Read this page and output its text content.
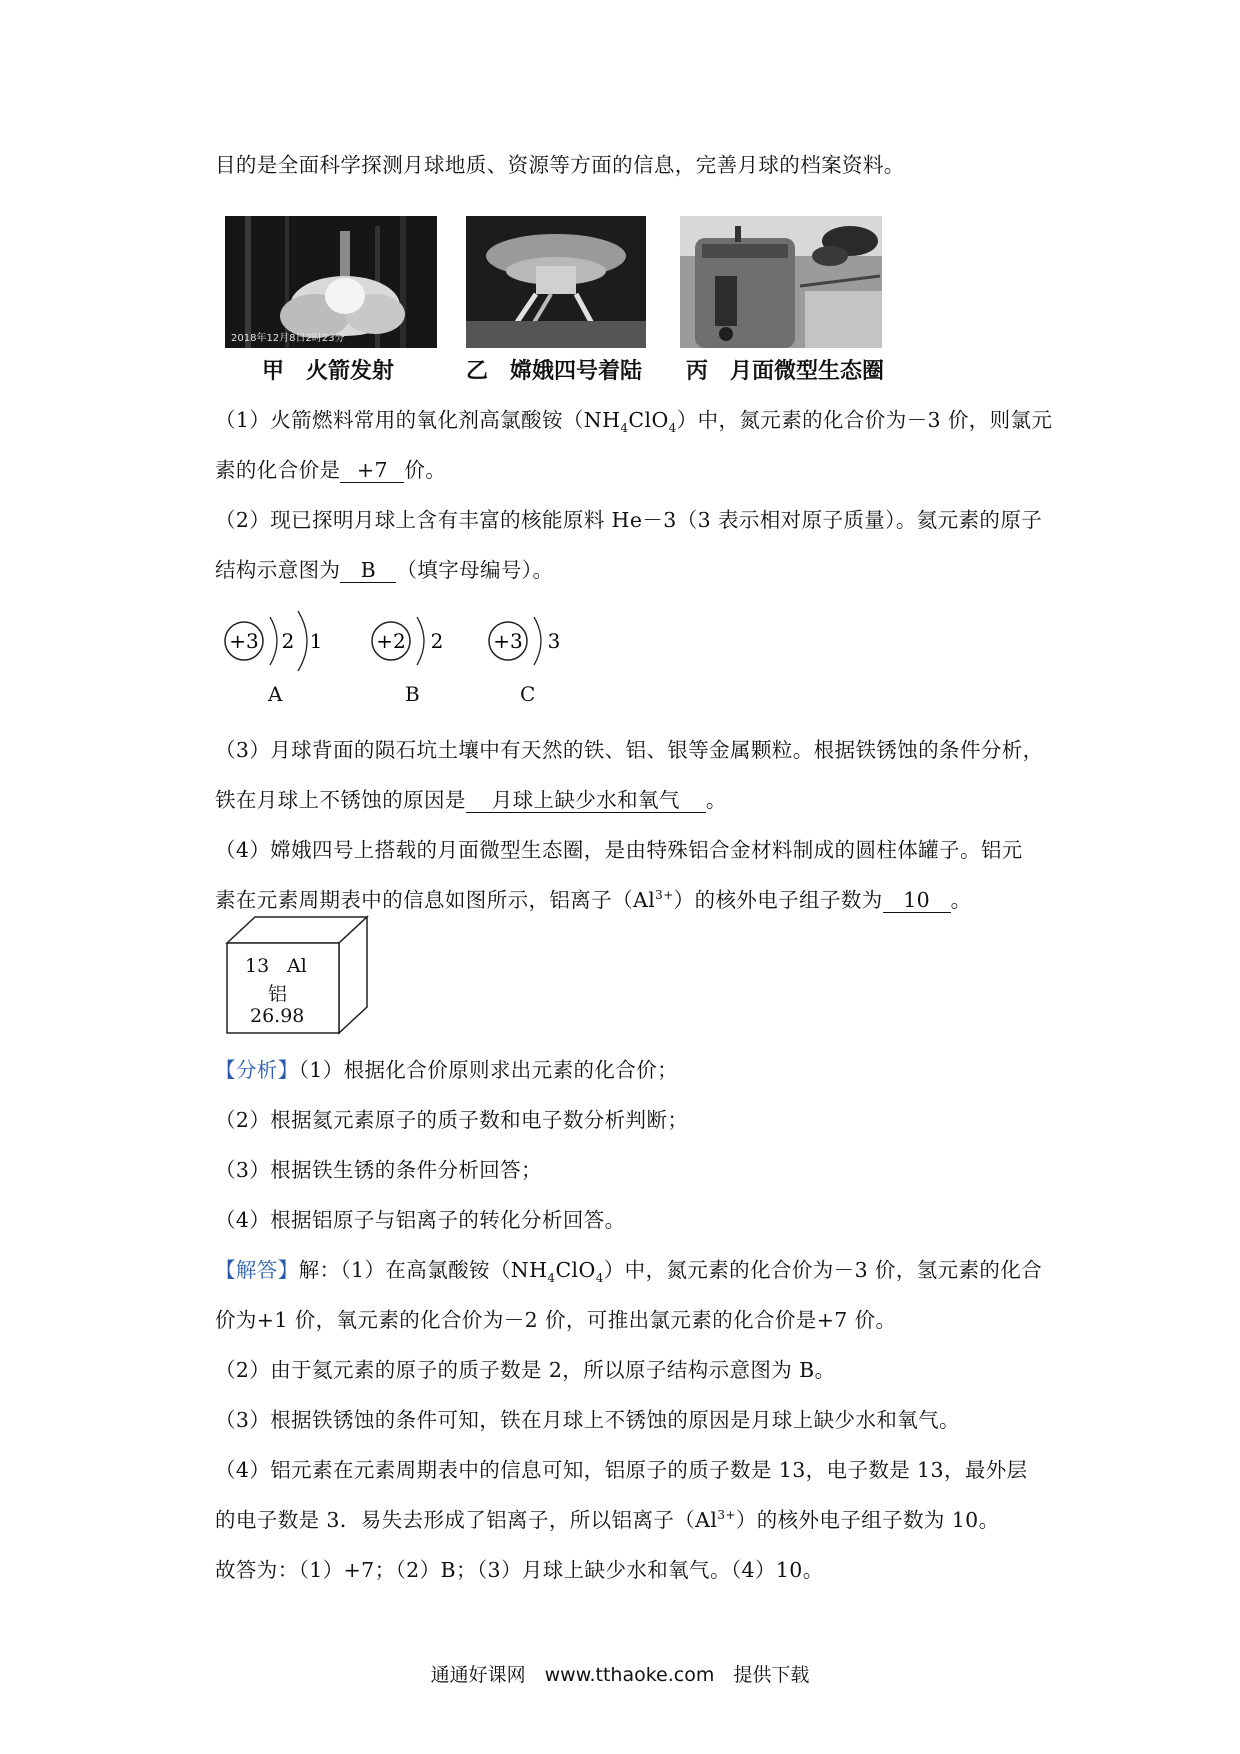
目的是全面科学探测月球地质、资源等方面的信息，完善月球的档案资料。
2018年12月8日2时23分
甲　火箭发射	乙　嫦娥四号着陆 丙　月面微型生态圈
（1）火箭燃料常用的氧化剂高氯酸铵$(NH_4ClO_4)$中，氮元素的化合价为－3 价，则氯元
素的化合价是 +7 价。
（2）现已探明月球上含有丰富的核能原料 He－3（3 表示相对原子质量）。氦元素的原子
结构示意图为 B （填字母编号）。
+3 2 1
A
+2 2
B
+3 3
C
（3）月球背面的陨石坑土壤中有天然的铁、铝、银等金属颗粒。根据铁锈蚀的条件分析，
铁在月球上不锈蚀的原因是 月球上缺少水和氧气 。
（4）嫦娥四号上搭载的月面微型生态圈，是由特殊铝合金材料制成的圆柱体罐子。铝元
素在元素周期表中的信息如图所示，铝离子$(Al^{3+})$的核外电子组子数为 10 。
13 Al
铝
26.98
【分析】（1）根据化合价原则求出元素的化合价；
（2）根据氦元素原子的质子数和电子数分析判断；
（3）根据铁生锈的条件分析回答；
（4）根据铝原子与铝离子的转化分析回答。
【解答】解：（1）在高氯酸铵$(NH_4ClO_4)$中，氮元素的化合价为－3 价，氢元素的化合
价为+1 价，氧元素的化合价为－2 价，可推出氯元素的化合价是+7 价。
（2）由于氦元素的原子的质子数是 2，所以原子结构示意图为 B。
（3）根据铁锈蚀的条件可知，铁在月球上不锈蚀的原因是月球上缺少水和氧气。
（4）铝元素在元素周期表中的信息可知，铝原子的质子数是 13，电子数是 13，最外层
的电子数是 3．易失去形成了铝离子，所以铝离子$(Al^{3+})$的核外电子组子数为 10。
故答为：（1）+7；（2）B；（3）月球上缺少水和氧气。（4）10。
通通好课网　www.tthaoke.com　提供下载
